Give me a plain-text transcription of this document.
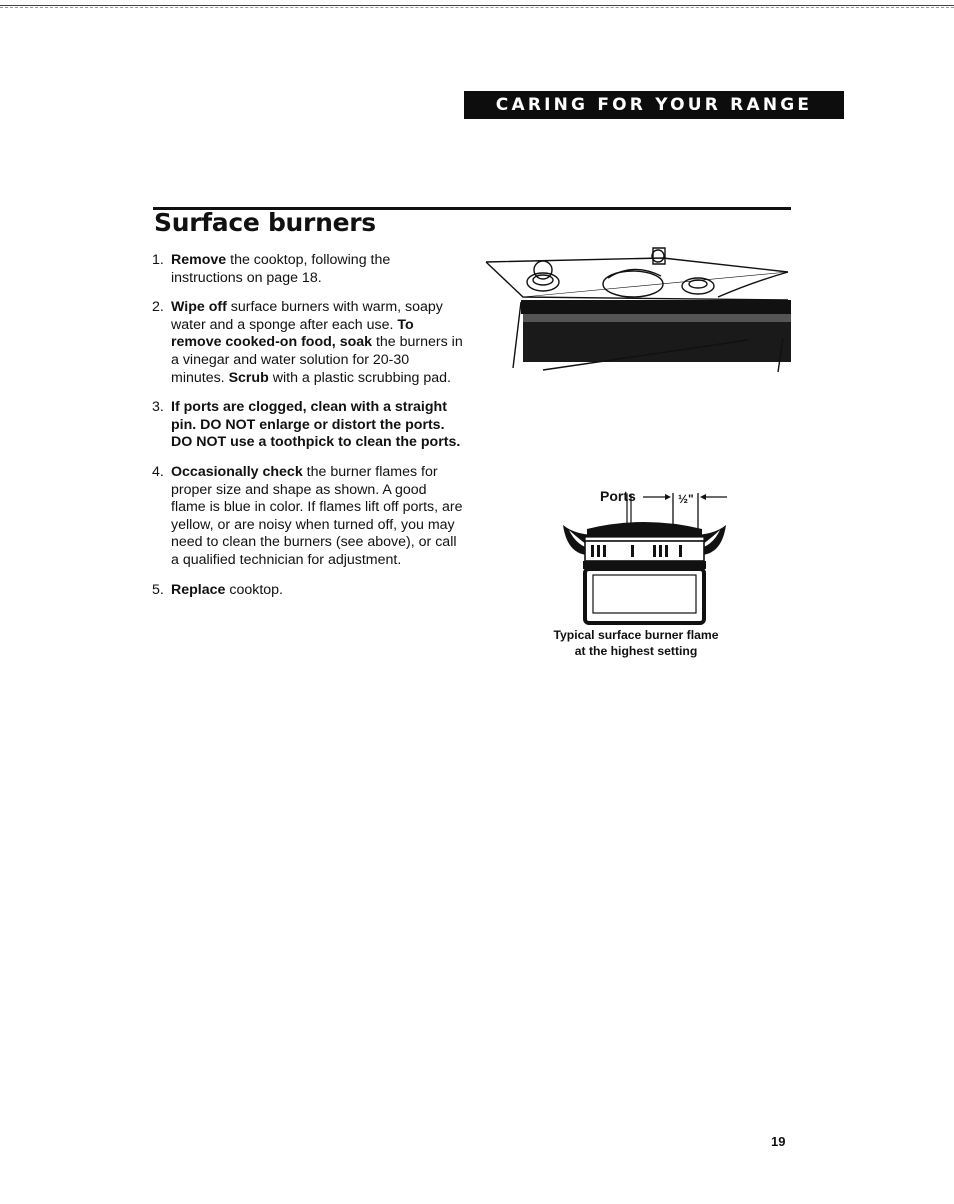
CARING FOR YOUR RANGE
Surface burners
1. Remove the cooktop, following the instructions on page 18.
2. Wipe off surface burners with warm, soapy water and a sponge after each use. To remove cooked-on food, soak the burners in a vinegar and water solution for 20-30 minutes. Scrub with a plastic scrubbing pad.
3. If ports are clogged, clean with a straight pin. DO NOT enlarge or distort the ports. DO NOT use a toothpick to clean the ports.
4. Occasionally check the burner flames for proper size and shape as shown. A good flame is blue in color. If flames lift off ports, are yellow, or are noisy when turned off, you may need to clean the burners (see above), or call a qualified technician for adjustment.
5. Replace cooktop.
Ports	½"
Typical surface burner flame
at the highest setting
19
